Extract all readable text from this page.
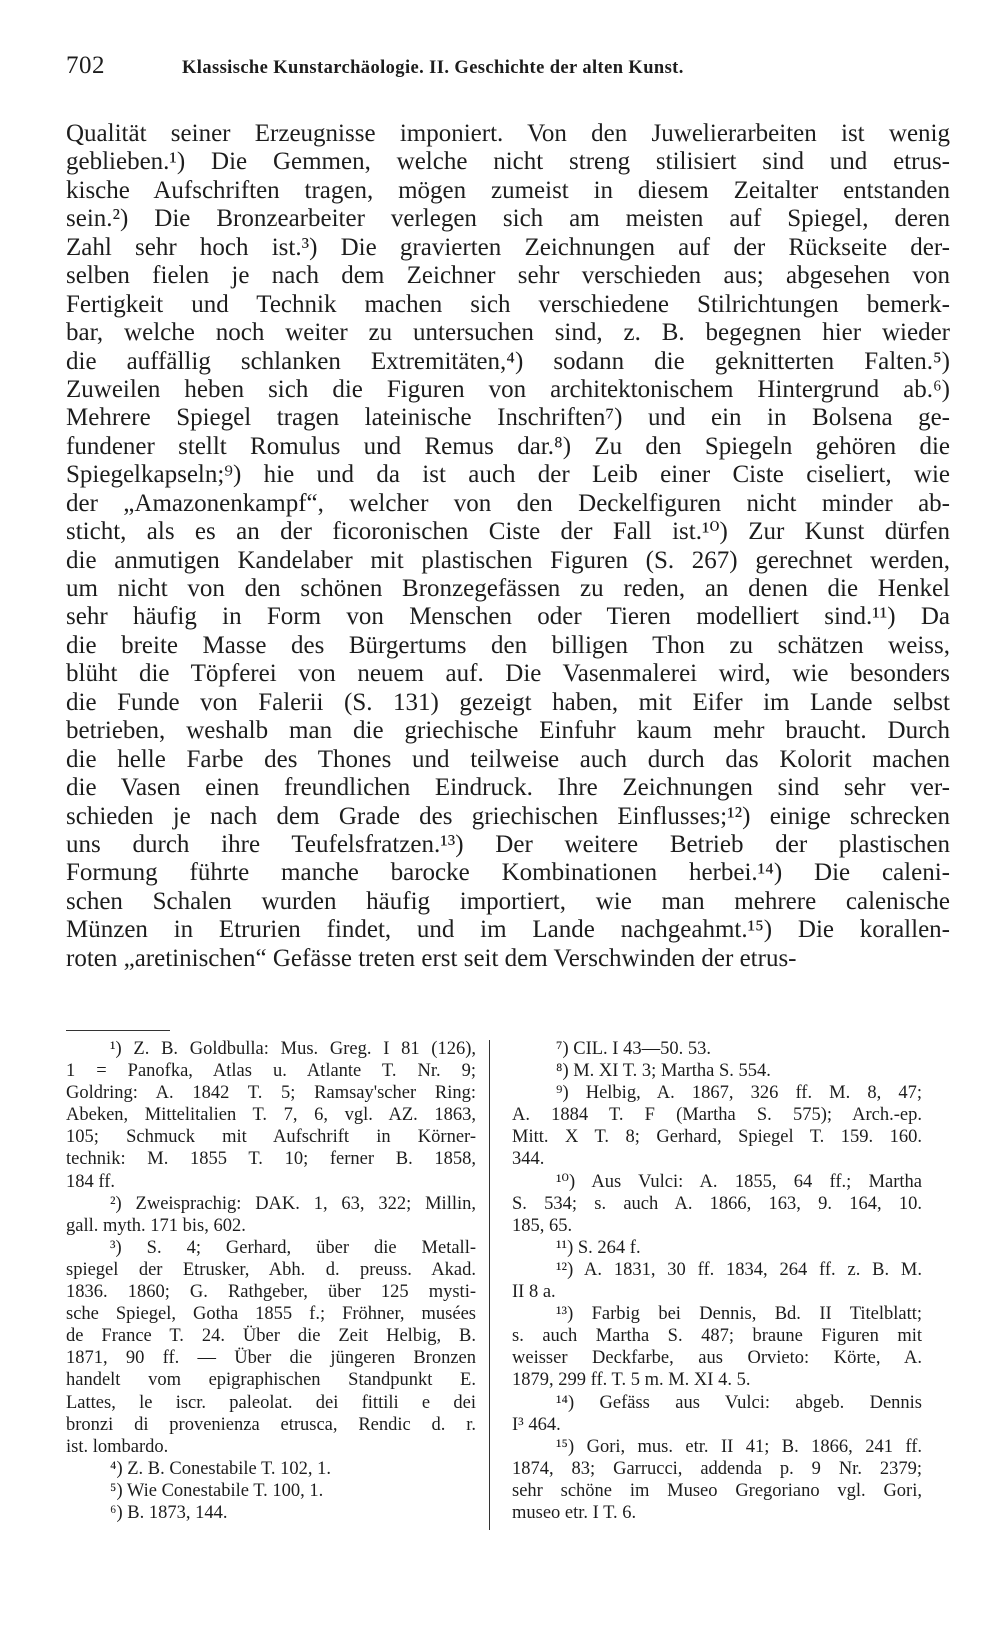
702	Klassische Kunstarchäologie. II. Geschichte der alten Kunst.
Qualität seiner Erzeugnisse imponiert. Von den Juwelierarbeiten ist wenig
geblieben.¹) Die Gemmen, welche nicht streng stilisiert sind und etrus-
kische Aufschriften tragen, mögen zumeist in diesem Zeitalter entstanden
sein.²) Die Bronzearbeiter verlegen sich am meisten auf Spiegel, deren
Zahl sehr hoch ist.³) Die gravierten Zeichnungen auf der Rückseite der-
selben fielen je nach dem Zeichner sehr verschieden aus; abgesehen von
Fertigkeit und Technik machen sich verschiedene Stilrichtungen bemerk-
bar, welche noch weiter zu untersuchen sind, z. B. begegnen hier wieder
die auffällig schlanken Extremitäten,⁴) sodann die geknitterten Falten.⁵)
Zuweilen heben sich die Figuren von architektonischem Hintergrund ab.⁶)
Mehrere Spiegel tragen lateinische Inschriften⁷) und ein in Bolsena ge-
fundener stellt Romulus und Remus dar.⁸) Zu den Spiegeln gehören die
Spiegelkapseln;⁹) hie und da ist auch der Leib einer Ciste ciseliert, wie
der „Amazonenkampf“, welcher von den Deckelfiguren nicht minder ab-
sticht, als es an der ficoronischen Ciste der Fall ist.¹⁰) Zur Kunst dürfen
die anmutigen Kandelaber mit plastischen Figuren (S. 267) gerechnet werden,
um nicht von den schönen Bronzegefässen zu reden, an denen die Henkel
sehr häufig in Form von Menschen oder Tieren modelliert sind.¹¹) Da
die breite Masse des Bürgertums den billigen Thon zu schätzen weiss,
blüht die Töpferei von neuem auf. Die Vasenmalerei wird, wie besonders
die Funde von Falerii (S. 131) gezeigt haben, mit Eifer im Lande selbst
betrieben, weshalb man die griechische Einfuhr kaum mehr braucht. Durch
die helle Farbe des Thones und teilweise auch durch das Kolorit machen
die Vasen einen freundlichen Eindruck. Ihre Zeichnungen sind sehr ver-
schieden je nach dem Grade des griechischen Einflusses;¹²) einige schrecken
uns durch ihre Teufelsfratzen.¹³) Der weitere Betrieb der plastischen
Formung führte manche barocke Kombinationen herbei.¹⁴) Die caleni-
schen Schalen wurden häufig importiert, wie man mehrere calenische
Münzen in Etrurien findet, und im Lande nachgeahmt.¹⁵) Die korallen-
roten „aretinischen“ Gefässe treten erst seit dem Verschwinden der etrus-
¹) Z. B. Goldbulla: Mus. Greg. I 81 (126),
1 = Panofka, Atlas u. Atlante T. Nr. 9;
Goldring: A. 1842 T. 5; Ramsay'scher Ring:
Abeken, Mittelitalien T. 7, 6, vgl. AZ. 1863,
105; Schmuck mit Aufschrift in Körner-
technik: M. 1855 T. 10; ferner B. 1858,
184 ff.
²) Zweisprachig: DAK. 1, 63, 322; Millin,
gall. myth. 171 bis, 602.
³) S. 4; Gerhard, über die Metall-
spiegel der Etrusker, Abh. d. preuss. Akad.
1836. 1860; G. Rathgeber, über 125 mysti-
sche Spiegel, Gotha 1855 f.; Fröhner, musées
de France T. 24. Über die Zeit Helbig, B.
1871, 90 ff. — Über die jüngeren Bronzen
handelt vom epigraphischen Standpunkt E.
Lattes, le iscr. paleolat. dei fittili e dei
bronzi di provenienza etrusca, Rendic d. r.
ist. lombardo.
⁴) Z. B. Conestabile T. 102, 1.
⁵) Wie Conestabile T. 100, 1.
⁶) B. 1873, 144.
⁷) CIL. I 43—50. 53.
⁸) M. XI T. 3; Martha S. 554.
⁹) Helbig, A. 1867, 326 ff. M. 8, 47;
A. 1884 T. F (Martha S. 575); Arch.-ep.
Mitt. X T. 8; Gerhard, Spiegel T. 159. 160.
344.
¹⁰) Aus Vulci: A. 1855, 64 ff.; Martha
S. 534; s. auch A. 1866, 163, 9. 164, 10.
185, 65.
¹¹) S. 264 f.
¹²) A. 1831, 30 ff. 1834, 264 ff. z. B. M.
II 8 a.
¹³) Farbig bei Dennis, Bd. II Titelblatt;
s. auch Martha S. 487; braune Figuren mit
weisser Deckfarbe, aus Orvieto: Körte, A.
1879, 299 ff. T. 5 m. M. XI 4. 5.
¹⁴) Gefäss aus Vulci: abgeb. Dennis
I³ 464.
¹⁵) Gori, mus. etr. II 41; B. 1866, 241 ff.
1874, 83; Garrucci, addenda p. 9 Nr. 2379;
sehr schöne im Museo Gregoriano vgl. Gori,
museo etr. I T. 6.
